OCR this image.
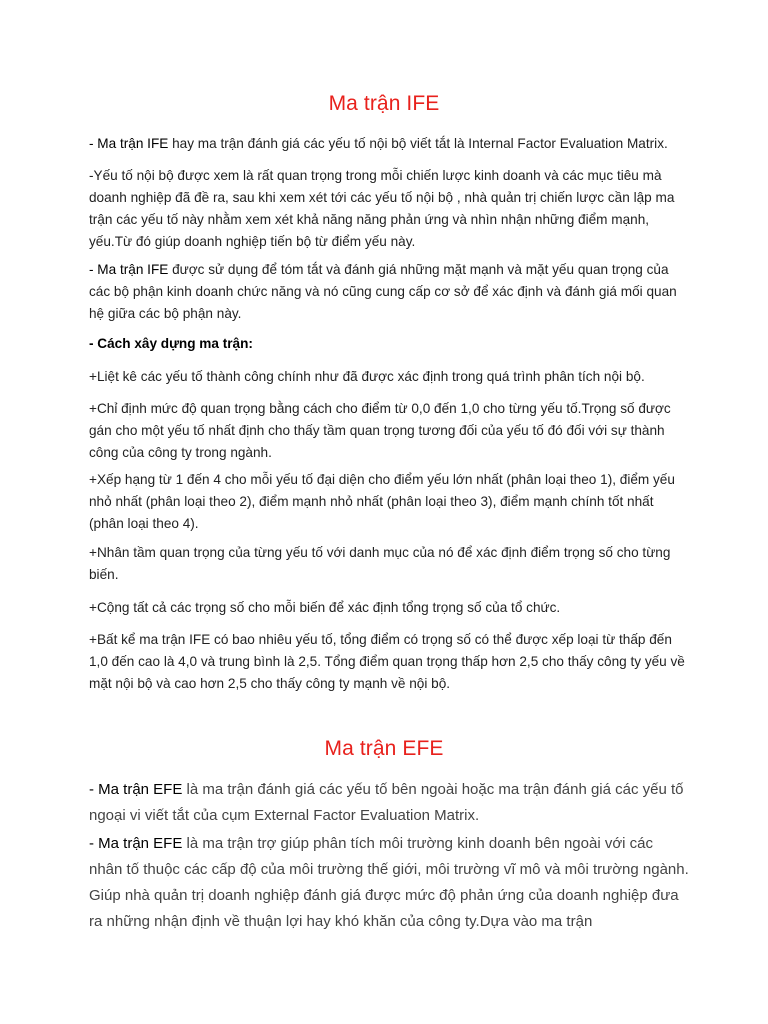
Ma trận IFE

- Ma trận IFE hay ma trận đánh giá các yếu tố nội bộ viết tắt là Internal Factor Evaluation Matrix.

-Yếu tố nội bộ được xem là rất quan trọng trong mỗi chiến lược kinh doanh và các mục tiêu mà doanh nghiệp đã đề ra, sau khi xem xét tới các yếu tố nội bộ , nhà quản trị chiến lược cần lập ma trận các yếu tố này nhằm xem xét khả năng năng phản ứng và nhìn nhận những điểm mạnh, yếu.Từ đó giúp doanh nghiệp tiến bộ từ điểm yếu này.

- Ma trận IFE được sử dụng để tóm tắt và đánh giá những mặt mạnh và mặt yếu quan trọng của các bộ phận kinh doanh chức năng và nó cũng cung cấp cơ sở để xác định và đánh giá mối quan hệ giữa các bộ phận này.

- Cách xây dựng ma trận:

+Liệt kê các yếu tố thành công chính như đã được xác định trong quá trình phân tích nội bộ.

+Chỉ định mức độ quan trọng bằng cách cho điểm từ 0,0 đến 1,0 cho từng yếu tố.Trọng số được gán cho một yếu tố nhất định cho thấy tầm quan trọng tương đối của yếu tố đó đối với sự thành công của công ty trong ngành.

+Xếp hạng từ 1 đến 4 cho mỗi yếu tố đại diện cho điểm yếu lớn nhất (phân loại theo 1), điểm yếu nhỏ nhất (phân loại theo 2), điểm mạnh nhỏ nhất (phân loại theo 3), điểm mạnh chính tốt nhất (phân loại theo 4).

+Nhân tầm quan trọng của từng yếu tố với danh mục của nó để xác định điểm trọng số cho từng biến.

+Cộng tất cả các trọng số cho mỗi biến để xác định tổng trọng số của tổ chức.

+Bất kể ma trận IFE có bao nhiêu yếu tố, tổng điểm có trọng số có thể được xếp loại từ thấp đến 1,0 đến cao là 4,0 và trung bình là 2,5. Tổng điểm quan trọng thấp hơn 2,5 cho thấy công ty yếu về mặt nội bộ và cao hơn 2,5 cho thấy công ty mạnh về nội bộ.

Ma trận EFE

- Ma trận EFE là ma trận đánh giá các yếu tố bên ngoài hoặc ma trận đánh giá các yếu tố ngoại vi viết tắt của cụm External Factor Evaluation Matrix.

- Ma trận EFE là ma trận trợ giúp phân tích môi trường kinh doanh bên ngoài với các nhân tố thuộc các cấp độ của môi trường thế giới, môi trường vĩ mô và môi trường ngành. Giúp nhà quản trị doanh nghiệp đánh giá được mức độ phản ứng của doanh nghiệp đưa ra những nhận định về thuận lợi hay khó khăn của công ty.Dựa vào ma trận
